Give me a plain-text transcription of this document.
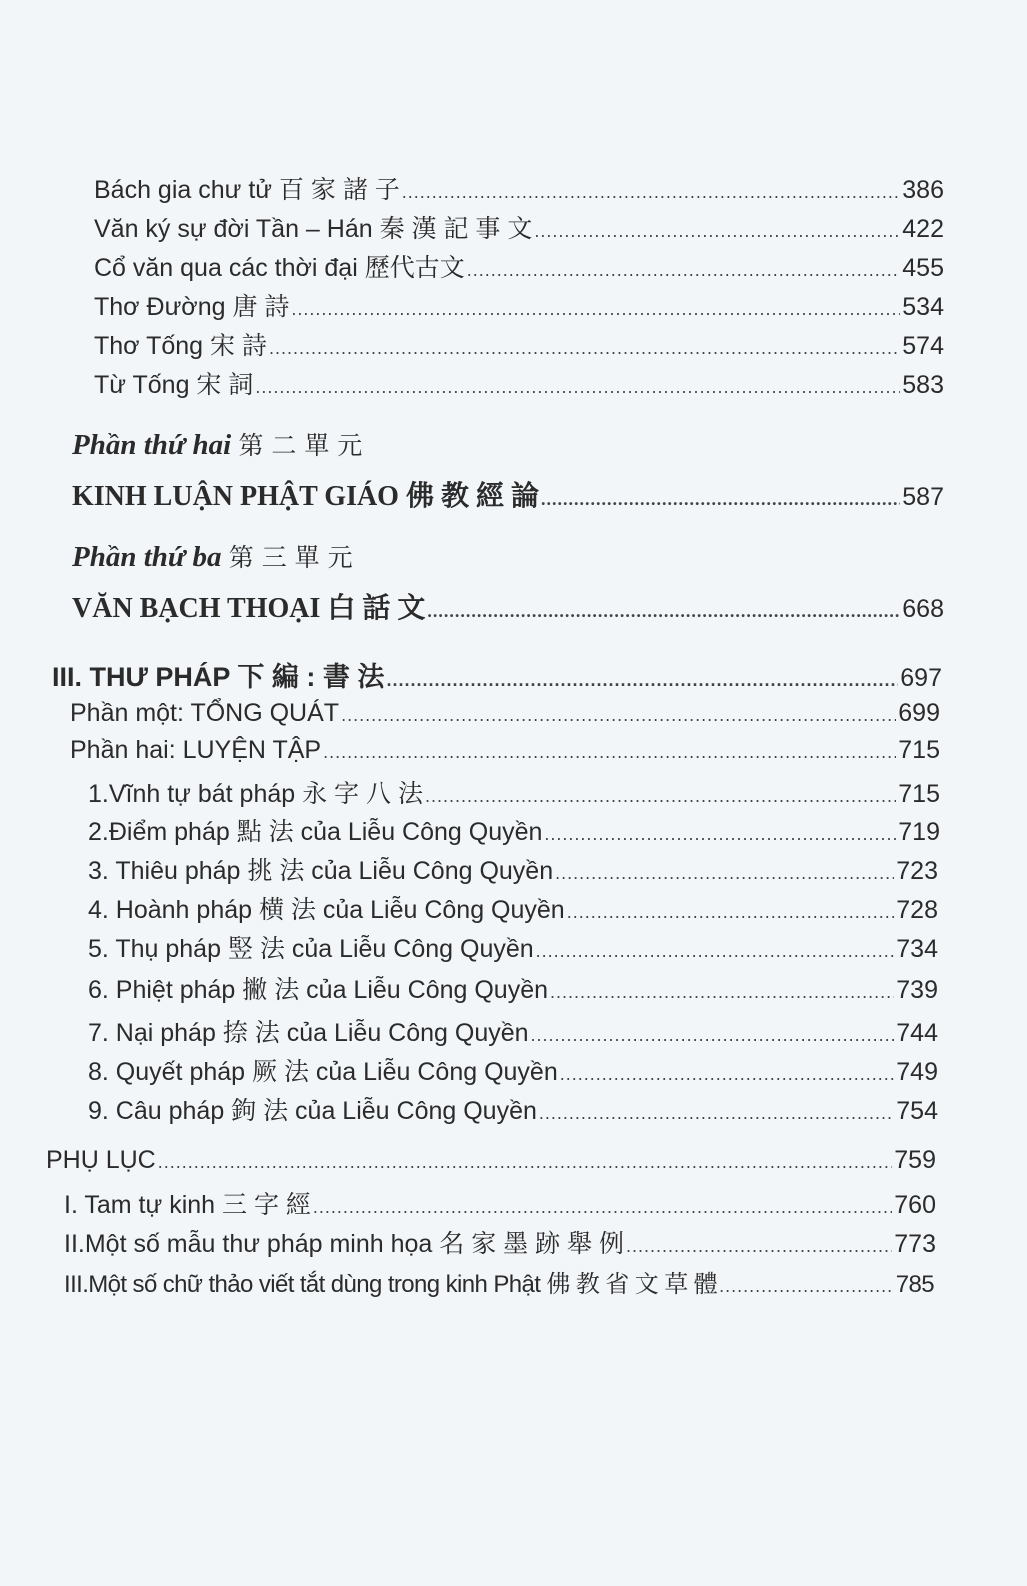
Bách gia chư tử 百 家 諸 子 .....	386
Văn ký sự đời Tần – Hán 秦 漢 記 事 文 .....	422
Cổ văn qua các thời đại 歷代古文 .....	455
Thơ Đường 唐 詩 .....	534
Thơ Tống 宋 詩 .....	574
Từ Tống 宋 詞 .....	583
Phần thứ hai 第 二 單 元
KINH LUẬN PHẬT GIÁO 佛 教 經 論 .....	587
Phần thứ ba 第 三 單 元
VĂN BẠCH THOẠI 白 話 文 .....	668
III. THƯ PHÁP 下 編 : 書 法 .....	697
Phần một: TỔNG QUÁT .....	699
Phần hai: LUYỆN TẬP .....	715
1.Vĩnh tự bát pháp 永 字 八 法 .....	715
2.Điểm pháp 點 法 của Liễu Công Quyền .....	719
3. Thiêu pháp 挑 法 của Liễu Công Quyền .....	723
4. Hoành pháp 横 法 của Liễu Công Quyền .....	728
5. Thụ pháp 竪 法 của Liễu Công Quyền .....	734
6. Phiệt pháp 撇 法 của Liễu Công Quyền .....	739
7. Nại pháp 捺 法 của Liễu Công Quyền .....	744
8. Quyết pháp 厥 法 của Liễu Công Quyền .....	749
9. Câu pháp 鉤 法 của Liễu Công Quyền .....	754
PHỤ LỤC .....	759
I. Tam tự kinh 三 字 經 .....	760
II.Một số mẫu thư pháp minh họa 名 家 墨 跡 舉 例 .....	773
III.Một số chữ thảo viết tắt dùng trong kinh Phật 佛 教 省 文 草 體 .....	785
